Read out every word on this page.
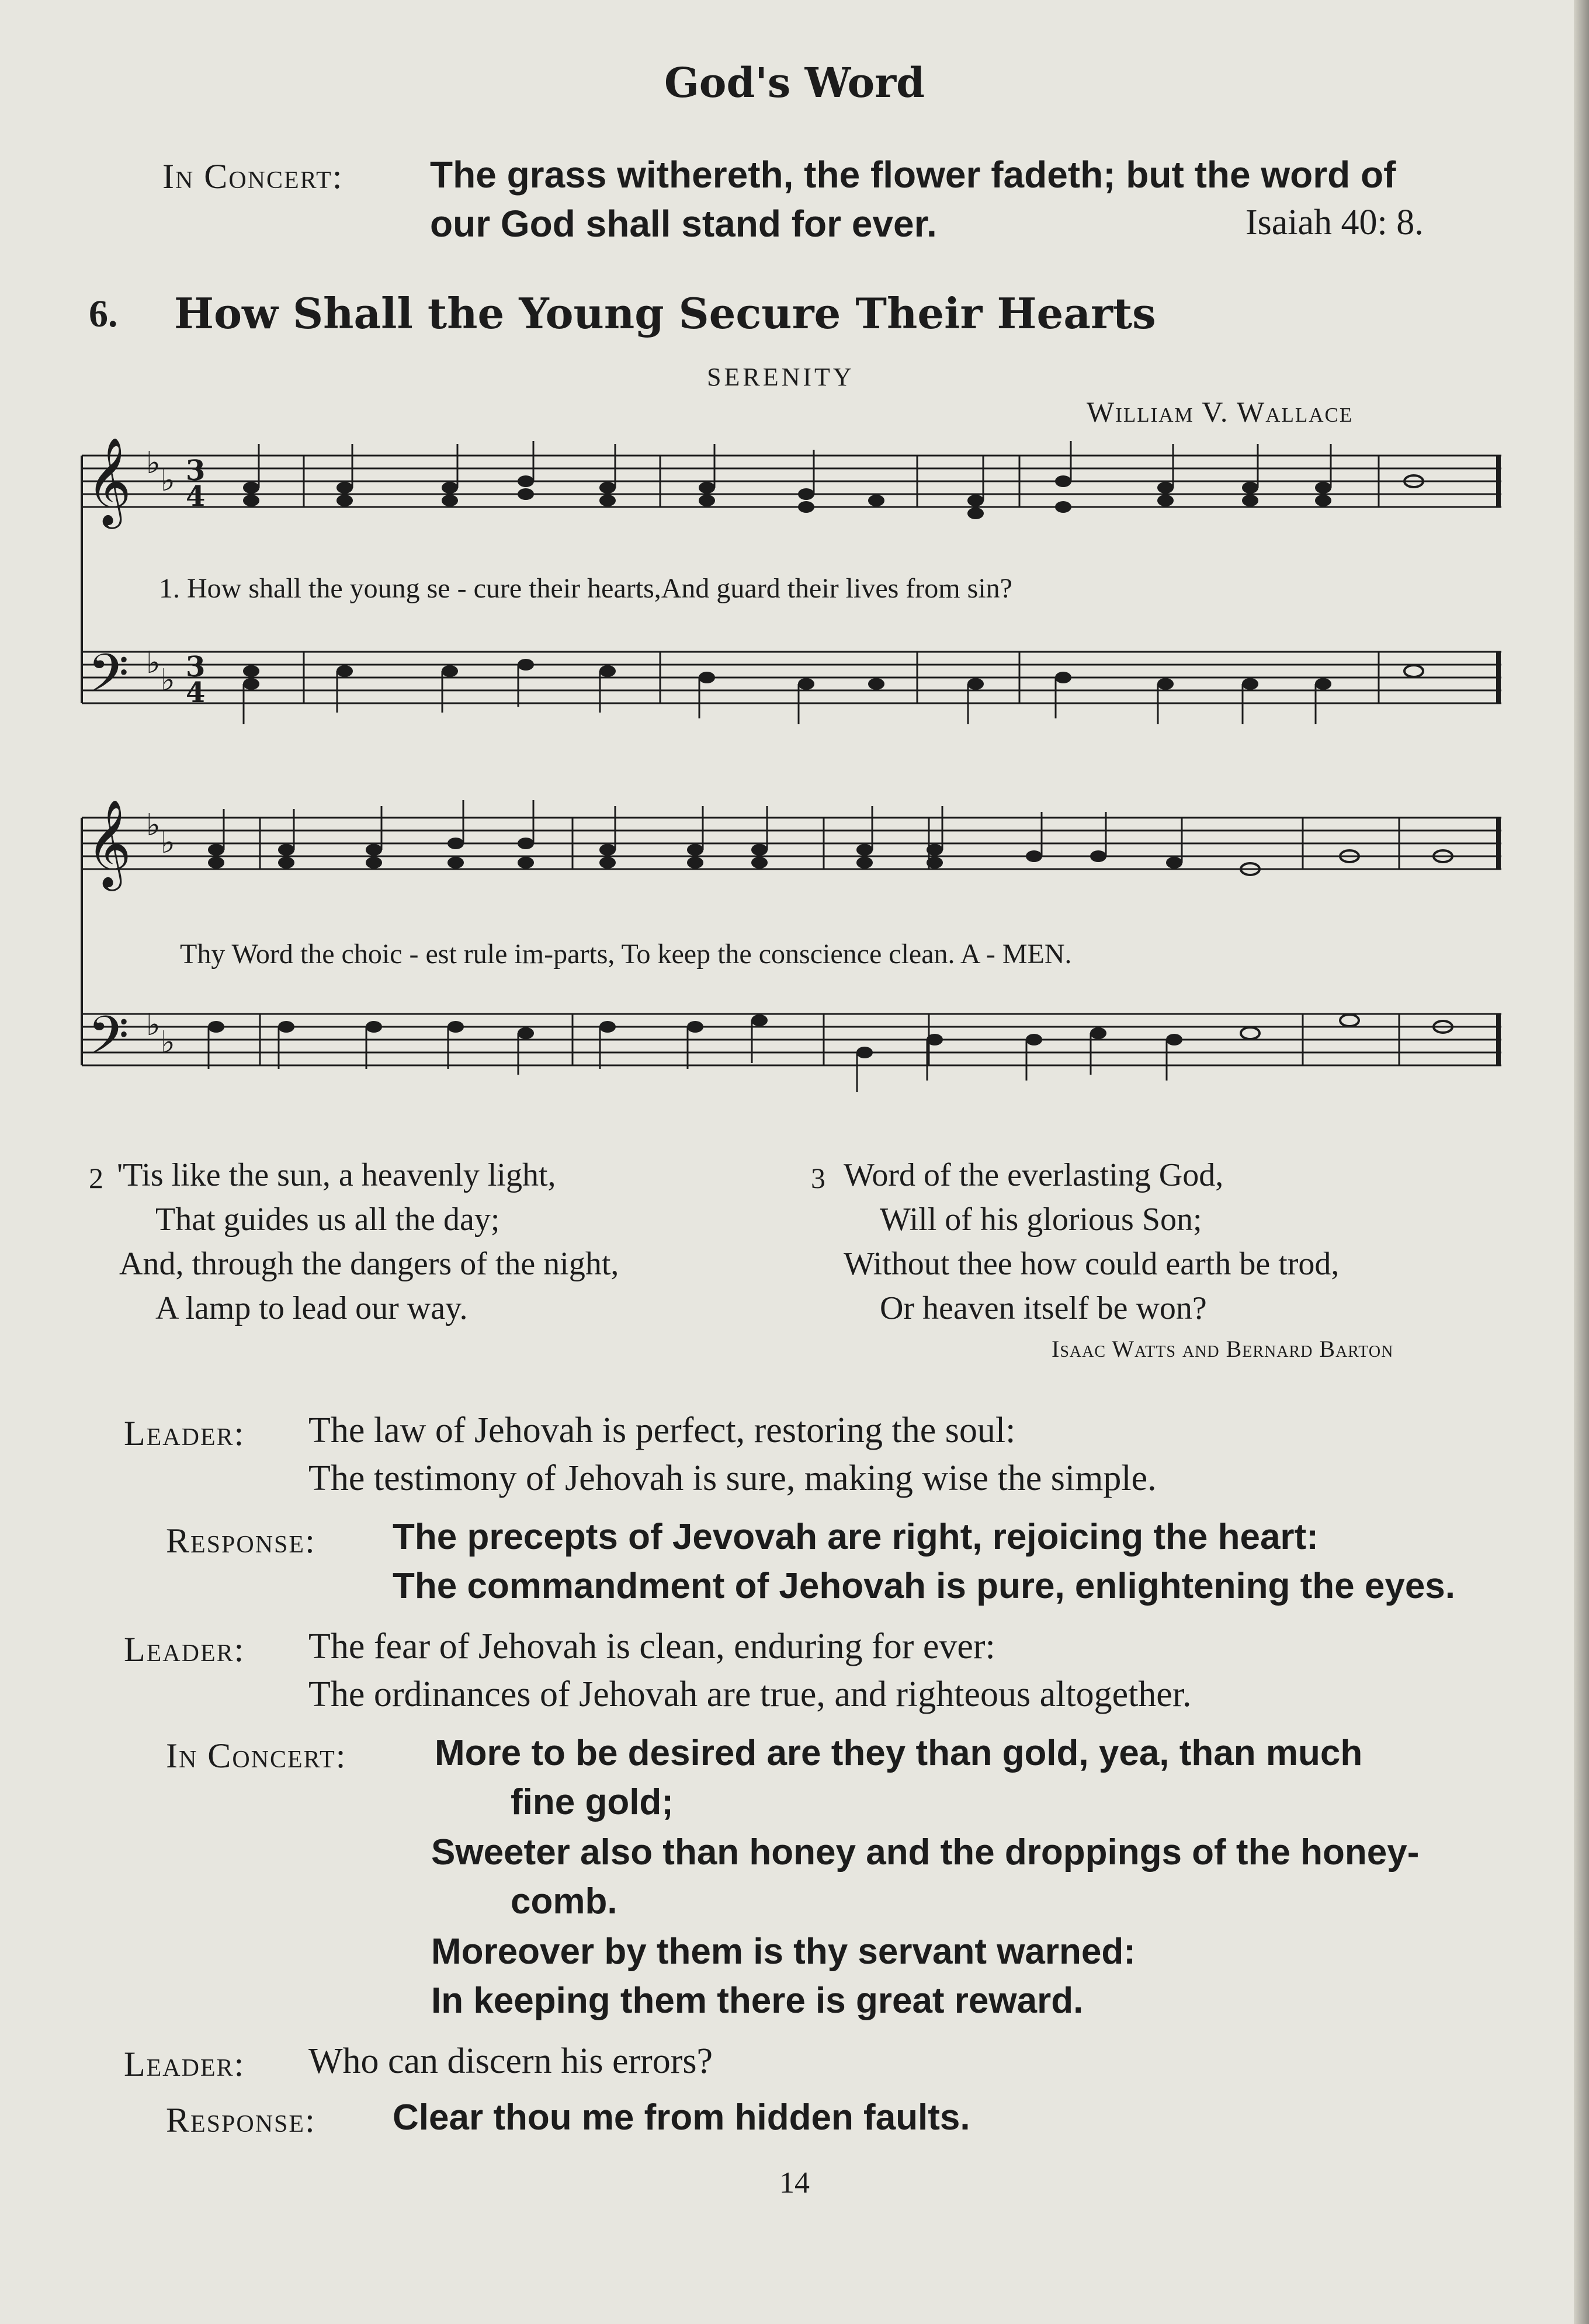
God's Word
In Concert: The grass withereth, the flower fadeth; but the word of
our God shall stand for ever.	Isaiah 40: 8.
6. How Shall the Young Secure Their Hearts
SERENITY
William V. Wallace
𝄞
𝄢
♭ ♭
♭ ♭
3
4
3
4
1. How shall the young se - cure their hearts,And guard their lives from sin?
𝄞
𝄢
♭ ♭
♭ ♭
Thy Word the choic - est rule im-parts, To keep the conscience clean. A - MEN.
2 'Tis like the sun, a heavenly light,
That guides us all the day;
And, through the dangers of the night,
A lamp to lead our way.
3 Word of the everlasting God,
Will of his glorious Son;
Without thee how could earth be trod,
Or heaven itself be won?
Isaac Watts and Bernard Barton
Leader: The law of Jehovah is perfect, restoring the soul:
The testimony of Jehovah is sure, making wise the simple.
Response: The precepts of Jevovah are right, rejoicing the heart:
The commandment of Jehovah is pure, enlightening the eyes.
Leader: The fear of Jehovah is clean, enduring for ever:
The ordinances of Jehovah are true, and righteous altogether.
In Concert: More to be desired are they than gold, yea, than much
fine gold;
Sweeter also than honey and the droppings of the honey-
comb.
Moreover by them is thy servant warned:
In keeping them there is great reward.
Leader: Who can discern his errors?
Response: Clear thou me from hidden faults.
14
